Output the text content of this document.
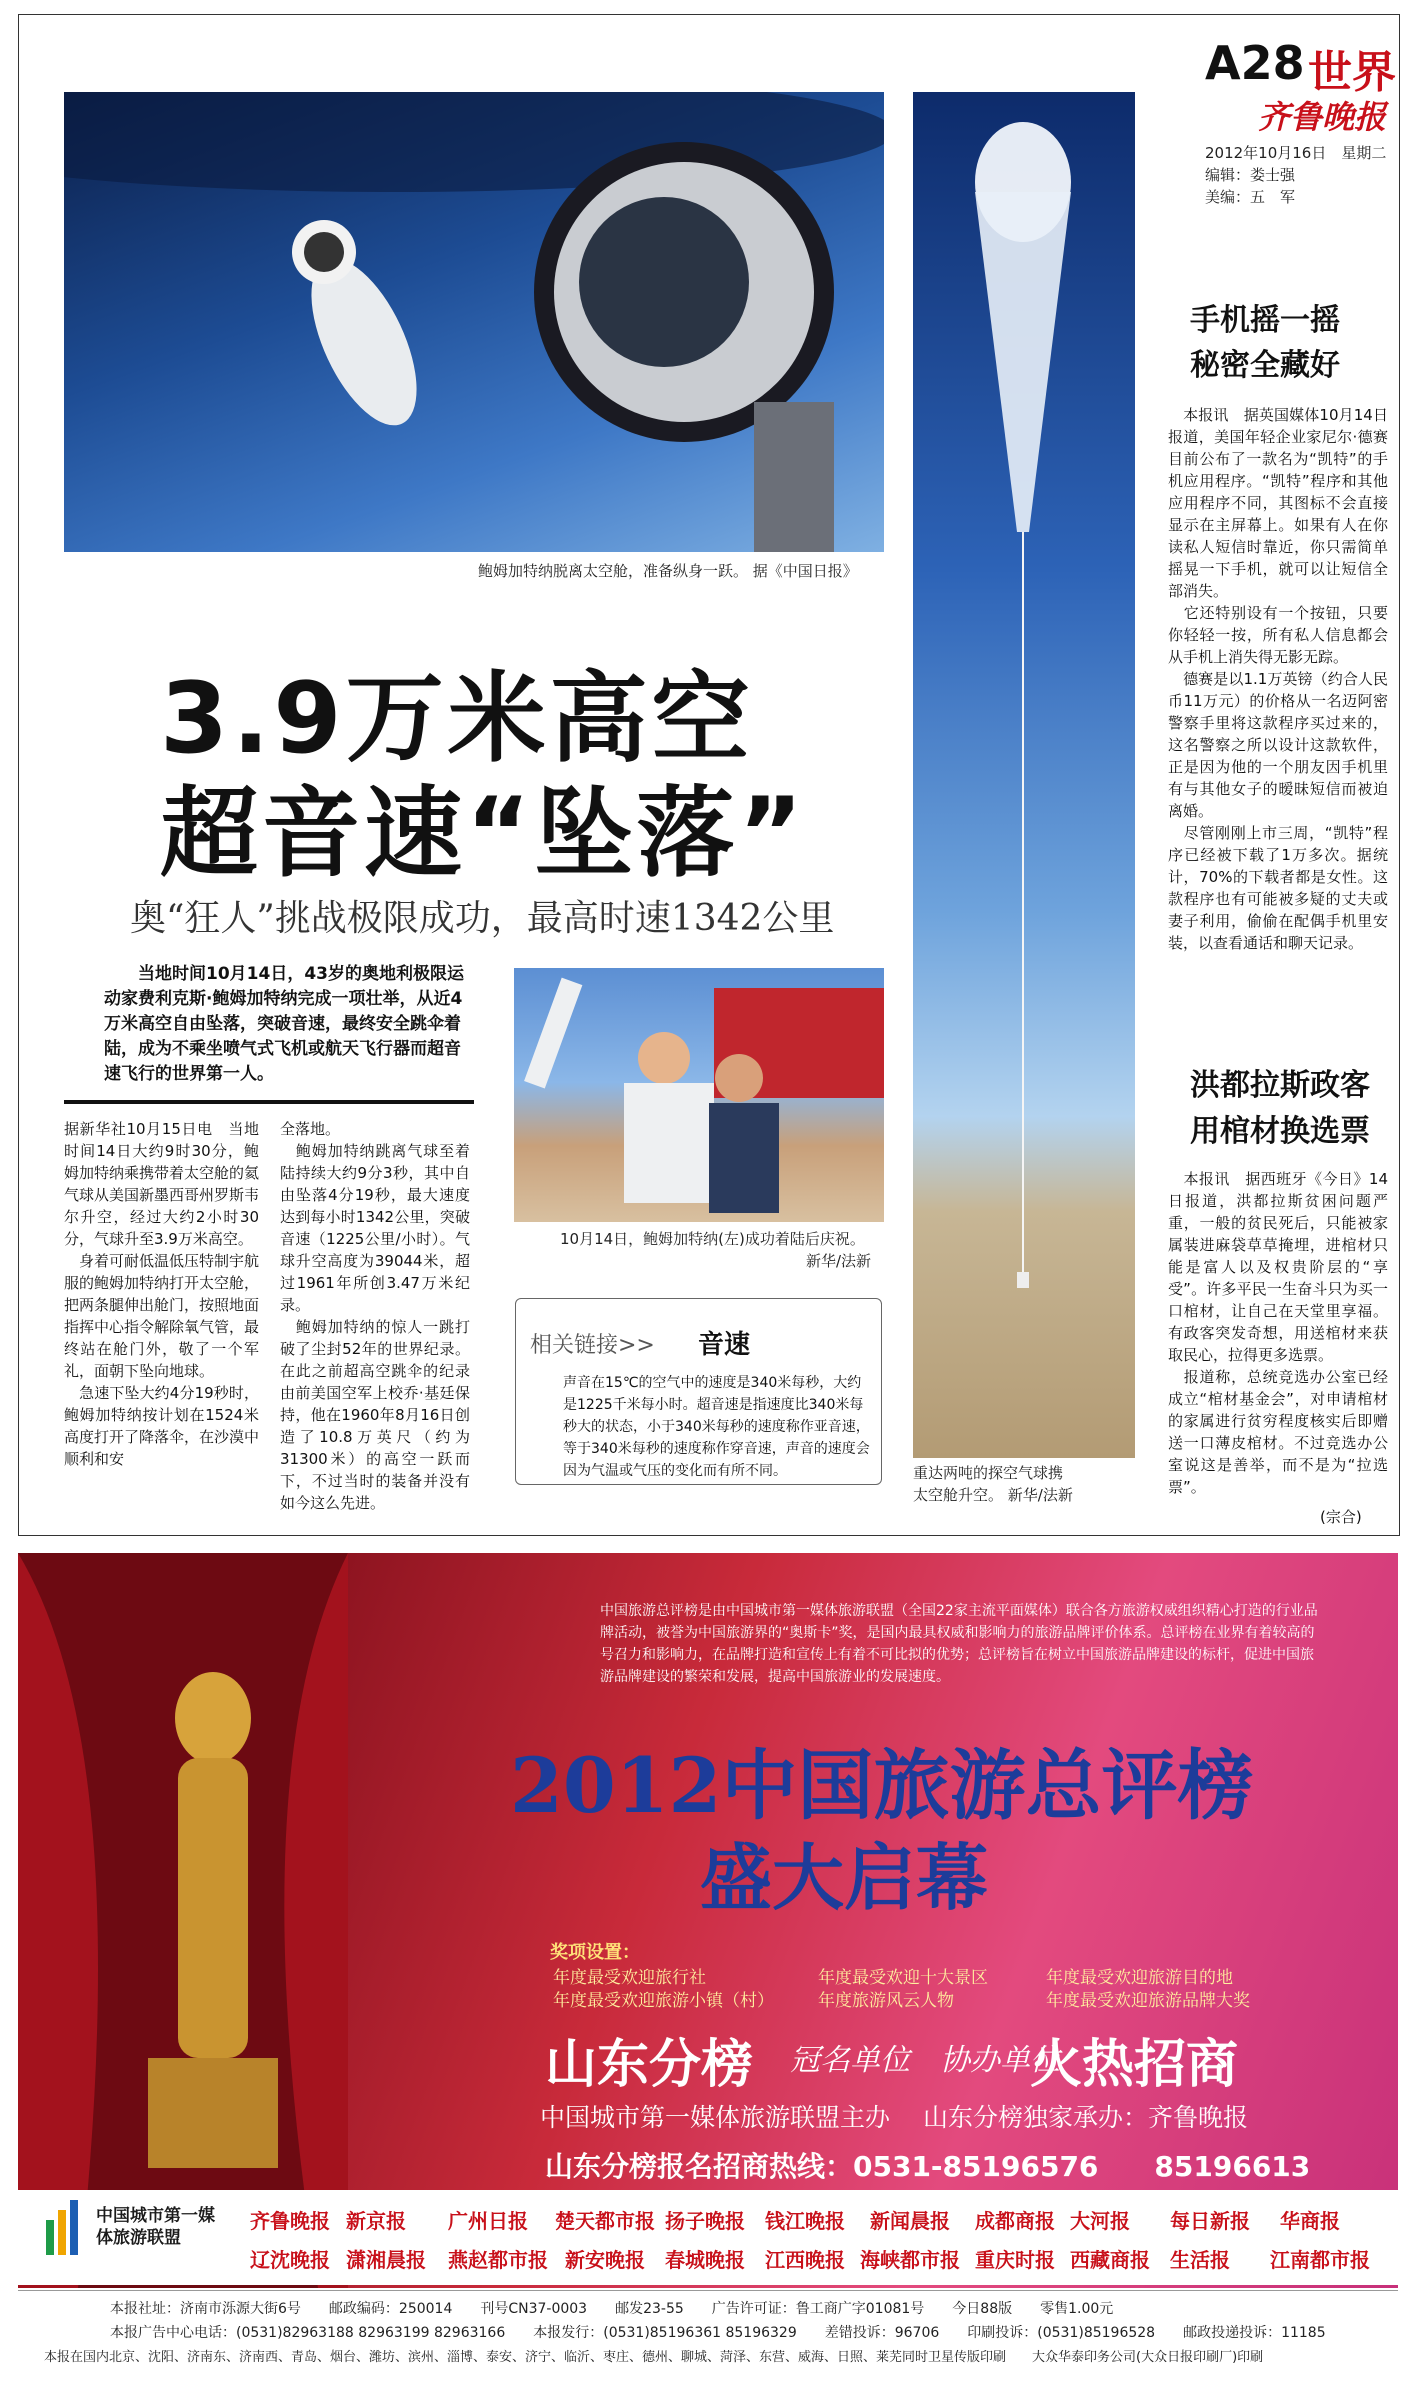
A28 世界
齐鲁晚报
2012年10月16日　星期二
编辑：娄士强
美编：五　军
鲍姆加特纳脱离太空舱，准备纵身一跃。 据《中国日报》
重达两吨的探空气球携
太空舱升空。 新华/法新
3.9万米高空
超音速“坠落”
奥“狂人”挑战极限成功，最高时速1342公里
当地时间10月14日，43岁的奥地利极限运动家费利克斯·鲍姆加特纳完成一项壮举，从近4万米高空自由坠落，突破音速，最终安全跳伞着陆，成为不乘坐喷气式飞机或航天飞行器而超音速飞行的世界第一人。
据新华社10月15日电　当地时间14日大约9时30分，鲍姆加特纳乘携带着太空舱的氦气球从美国新墨西哥州罗斯韦尔升空，经过大约2小时30分，气球升至3.9万米高空。
　身着可耐低温低压特制宇航服的鲍姆加特纳打开太空舱，把两条腿伸出舱门，按照地面指挥中心指令解除氧气管，最终站在舱门外，敬了一个军礼，面朝下坠向地球。
　急速下坠大约4分19秒时，鲍姆加特纳按计划在1524米高度打开了降落伞，在沙漠中顺利和安
全落地。
　鲍姆加特纳跳离气球至着陆持续大约9分3秒，其中自由坠落4分19秒，最大速度达到每小时1342公里，突破音速（1225公里/小时）。气球升空高度为39044米，超过1961年所创3.47万米纪录。
　鲍姆加特纳的惊人一跳打破了尘封52年的世界纪录。在此之前超高空跳伞的纪录由前美国空军上校乔·基廷保持，他在1960年8月16日创造了10.8万英尺（约为31300米）的高空一跃而下，不过当时的装备并没有如今这么先进。
10月14日，鲍姆加特纳(左)成功着陆后庆祝。
新华/法新
相关链接>> 音速
声音在15℃的空气中的速度是340米每秒，大约是1225千米每小时。超音速是指速度比340米每秒大的状态，小于340米每秒的速度称作亚音速，等于340米每秒的速度称作穿音速，声音的速度会因为气温或气压的变化而有所不同。
手机摇一摇
秘密全藏好
　本报讯　据英国媒体10月14日报道，美国年轻企业家尼尔·德赛目前公布了一款名为“凯特”的手机应用程序。“凯特”程序和其他应用程序不同，其图标不会直接显示在主屏幕上。如果有人在你读私人短信时靠近，你只需简单摇晃一下手机，就可以让短信全部消失。
　它还特别设有一个按钮，只要你轻轻一按，所有私人信息都会从手机上消失得无影无踪。
　德赛是以1.1万英镑（约合人民币11万元）的价格从一名迈阿密警察手里将这款程序买过来的，这名警察之所以设计这款软件，正是因为他的一个朋友因手机里有与其他女子的暧昧短信而被迫离婚。
　尽管刚刚上市三周，“凯特”程序已经被下载了1万多次。据统计，70%的下载者都是女性。这款程序也有可能被多疑的丈夫或妻子利用，偷偷在配偶手机里安装，以查看通话和聊天记录。
洪都拉斯政客
用棺材换选票
　本报讯　据西班牙《今日》14日报道，洪都拉斯贫困问题严重，一般的贫民死后，只能被家属装进麻袋草草掩埋，进棺材只能是富人以及权贵阶层的“享受”。许多平民一生奋斗只为买一口棺材，让自己在天堂里享福。有政客突发奇想，用送棺材来获取民心，拉得更多选票。
　报道称，总统竞选办公室已经成立“棺材基金会”，对申请棺材的家属进行贫穷程度核实后即赠送一口薄皮棺材。不过竞选办公室说这是善举，而不是为“拉选票”。
(宗合)
中国旅游总评榜是由中国城市第一媒体旅游联盟（全国22家主流平面媒体）联合各方旅游权威组织精心打造的行业品牌活动，被誉为中国旅游界的“奥斯卡”奖，是国内最具权威和影响力的旅游品牌评价体系。总评榜在业界有着较高的号召力和影响力，在品牌打造和宣传上有着不可比拟的优势；总评榜旨在树立中国旅游品牌建设的标杆，促进中国旅游品牌建设的繁荣和发展，提高中国旅游业的发展速度。
2012中国旅游总评榜
盛大启幕
奖项设置：
年度最受欢迎旅行社	年度最受欢迎十大景区	年度最受欢迎旅游目的地
年度最受欢迎旅游小镇（村）	年度旅游风云人物	年度最受欢迎旅游品牌大奖
山东分榜 冠名单位　协办单位
火热招商
中国城市第一媒体旅游联盟主办　 山东分榜独家承办：齐鲁晚报
山东分榜报名招商热线：0531-85196576　　85196613
中国城市第一媒体旅游联盟
齐鲁晚报 新京报 广州日报 楚天都市报 扬子晚报 钱江晚报 新闻晨报 成都商报 大河报 每日新报 华商报
辽沈晚报 潇湘晨报 燕赵都市报 新安晚报 春城晚报 江西晚报 海峡都市报 重庆时报 西藏商报 生活报 江南都市报
本报社址：济南市泺源大街6号　　邮政编码：250014　　刊号CN37-0003　　邮发23-55　　广告许可证：鲁工商广字01081号　　今日88版　　零售1.00元
本报广告中心电话：(0531)82963188 82963199 82963166　　本报发行：(0531)85196361 85196329　　差错投诉：96706　　印刷投诉：(0531)85196528　　邮政投递投诉：11185
本报在国内北京、沈阳、济南东、济南西、青岛、烟台、潍坊、滨州、淄博、泰安、济宁、临沂、枣庄、德州、聊城、菏泽、东营、威海、日照、莱芜同时卫星传版印刷　　大众华泰印务公司(大众日报印刷厂)印刷
